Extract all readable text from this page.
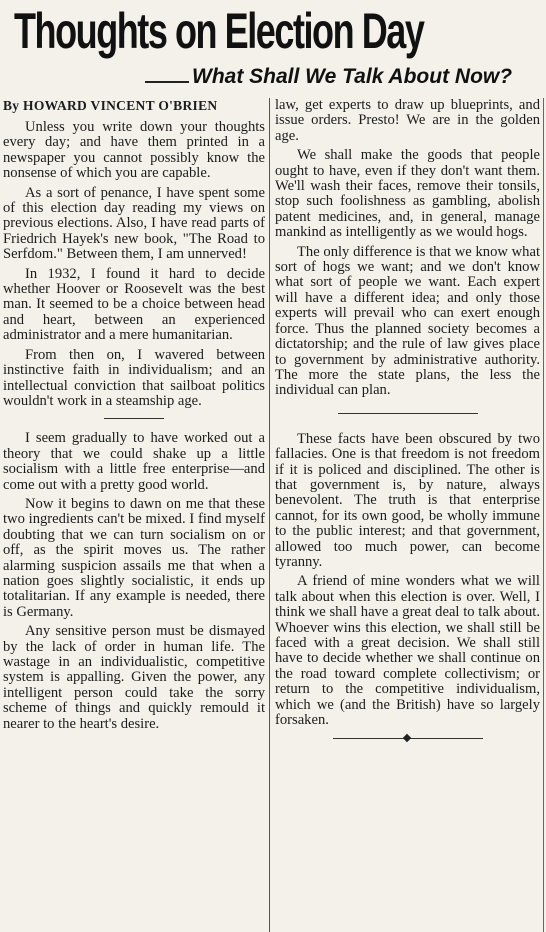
Thoughts on Election Day
What Shall We Talk About Now?
By HOWARD VINCENT O'BRIEN

Unless you write down your thoughts every day; and have them printed in a newspaper you cannot possibly know the nonsense of which you are capable.

As a sort of penance, I have spent some of this election day reading my views on previous elections. Also, I have read parts of Friedrich Hayek's new book, "The Road to Serfdom." Between them, I am unnerved!

In 1932, I found it hard to decide whether Hoover or Roosevelt was the best man. It seemed to be a choice between head and heart, between an experienced administrator and a mere humanitarian.

From then on, I wavered between instinctive faith in individualism; and an intellectual conviction that sailboat politics wouldn't work in a steamship age.

I seem gradually to have worked out a theory that we could shake up a little socialism with a little free enterprise—and come out with a pretty good world.

Now it begins to dawn on me that these two ingredients can't be mixed. I find myself doubting that we can turn socialism on or off, as the spirit moves us. The rather alarming suspicion assails me that when a nation goes slightly socialistic, it ends up totalitarian. If any example is needed, there is Germany.

Any sensitive person must be dismayed by the lack of order in human life. The wastage in an individualistic, competitive system is appalling. Given the power, any intelligent person could take the sorry scheme of things and quickly remould it nearer to the heart's desire.

law, get experts to draw up blueprints, and issue orders. Presto! We are in the golden age.

We shall make the goods that people ought to have, even if they don't want them. We'll wash their faces, remove their tonsils, stop such foolishness as gambling, abolish patent medicines, and, in general, manage mankind as intelligently as we would hogs.

The only difference is that we know what sort of hogs we want; and we don't know what sort of people we want. Each expert will have a different idea; and only those experts will prevail who can exert enough force. Thus the planned society becomes a dictatorship; and the rule of law gives place to government by administrative authority. The more the state plans, the less the individual can plan.

These facts have been obscured by two fallacies. One is that freedom is not freedom if it is policed and disciplined. The other is that government is, by nature, always benevolent. The truth is that enterprise cannot, for its own good, be wholly immune to the public interest; and that government, allowed too much power, can become tyranny.

A friend of mine wonders what we will talk about when this election is over. Well, I think we shall have a great deal to talk about. Whoever wins this election, we shall still be faced with a great decision. We shall still have to decide whether we shall continue on the road toward complete collectivism; or return to the competitive individualism, which we (and the British) have so largely forsaken.
